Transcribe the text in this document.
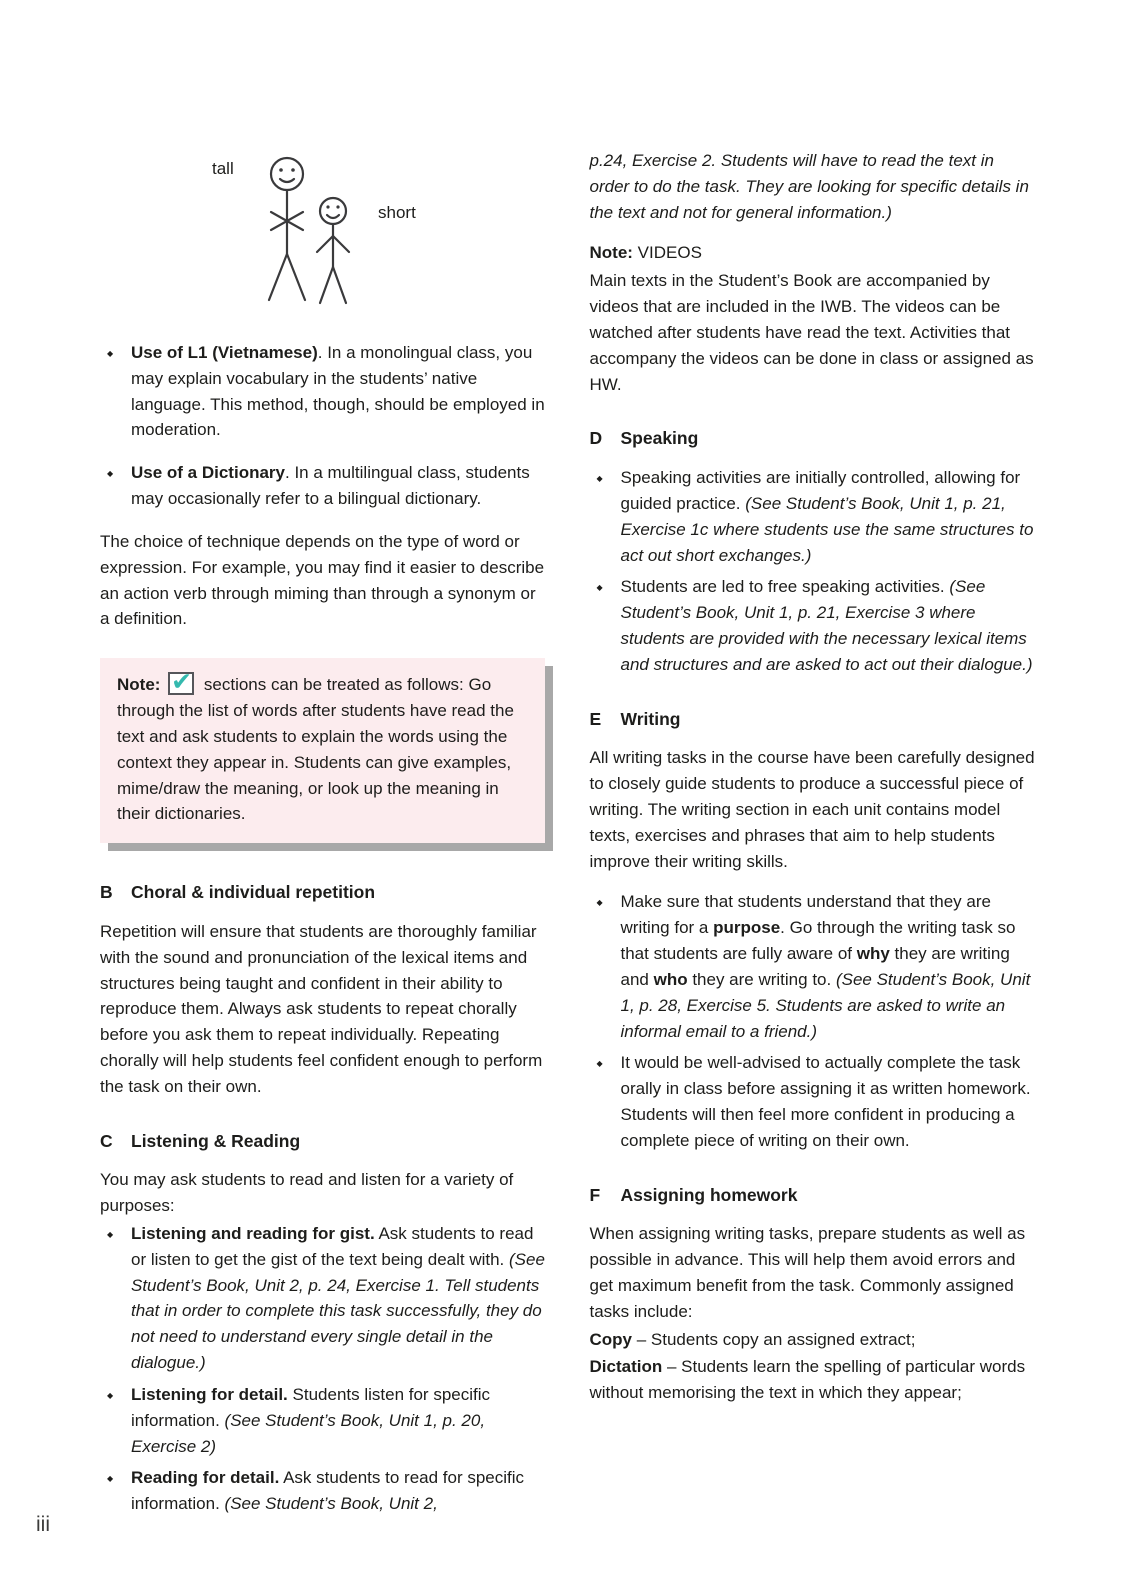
tall
short
Use of L1 (Vietnamese). In a monolingual class, you may explain vocabulary in the students’ native language. This method, though, should be employed in moderation.
Use of a Dictionary. In a multilingual class, students may occasionally refer to a bilingual dictionary.

The choice of technique depends on the type of word or expression. For example, you may find it easier to describe an action verb through miming than through a synonym or a definition.

Note: ✔ sections can be treated as follows: Go through the list of words after students have read the text and ask students to explain the words using the context they appear in. Students can give examples, mime/draw the meaning, or look up the meaning in their dictionaries.
B	Choral & individual repetition

Repetition will ensure that students are thoroughly familiar with the sound and pronunciation of the lexical items and structures being taught and confident in their ability to reproduce them. Always ask students to repeat chorally before you ask them to repeat individually. Repeating chorally will help students feel confident enough to perform the task on their own.

C	Listening & Reading

You may ask students to read and listen for a variety of purposes:

Listening and reading for gist. Ask students to read or listen to get the gist of the text being dealt with. (See Student’s Book, Unit 2, p. 24, Exercise 1. Tell students that in order to complete this task successfully, they do not need to understand every single detail in the dialogue.)
Listening for detail. Students listen for specific information. (See Student’s Book, Unit 1, p. 20, Exercise 2)
Reading for detail. Ask students to read for specific information. (See Student’s Book, Unit 2,

p.24, Exercise 2. Students will have to read the text in order to do the task. They are looking for specific details in the text and not for general information.)

Note: VIDEOS

Main texts in the Student’s Book are accompanied by videos that are included in the IWB. The videos can be watched after students have read the text. Activities that accompany the videos can be done in class or assigned as HW.

D	Speaking
Speaking activities are initially controlled, allowing for guided practice. (See Student’s Book, Unit 1, p. 21, Exercise 1c where students use the same structures to act out short exchanges.)
Students are led to free speaking activities. (See Student’s Book, Unit 1, p. 21, Exercise 3 where students are provided with the necessary lexical items and structures and are asked to act out their dialogue.)
E	Writing

All writing tasks in the course have been carefully designed to closely guide students to produce a successful piece of writing. The writing section in each unit contains model texts, exercises and phrases that aim to help students improve their writing skills.

Make sure that students understand that they are writing for a purpose. Go through the writing task so that students are fully aware of why they are writing and who they are writing to. (See Student’s Book, Unit 1, p. 28, Exercise 5. Students are asked to write an informal email to a friend.)
It would be well-advised to actually complete the task orally in class before assigning it as written homework. Students will then feel more confident in producing a complete piece of writing on their own.
F	Assigning homework

When assigning writing tasks, prepare students as well as possible in advance. This will help them avoid errors and get maximum benefit from the task. Commonly assigned tasks include:

Copy – Students copy an assigned extract;

Dictation – Students learn the spelling of particular words without memorising the text in which they appear;

iii
